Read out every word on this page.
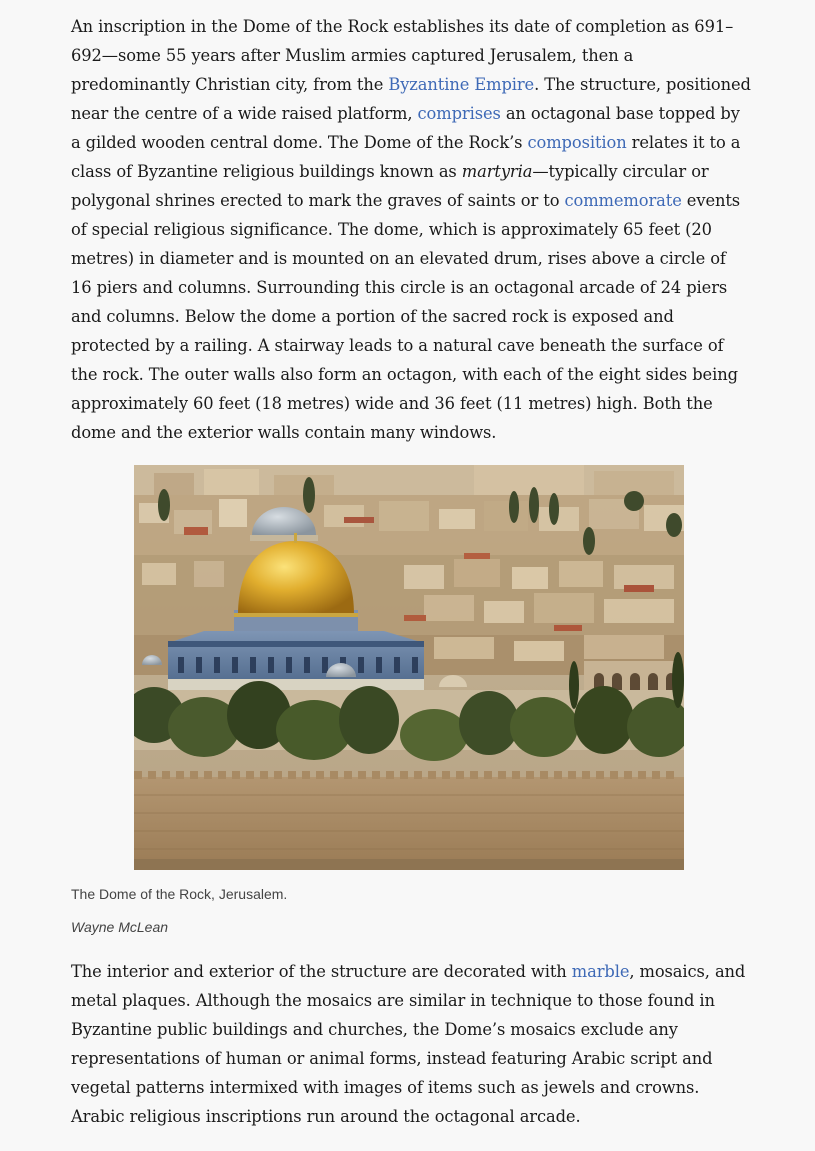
An inscription in the Dome of the Rock establishes its date of completion as 691–692—some 55 years after Muslim armies captured Jerusalem, then a predominantly Christian city, from the Byzantine Empire. The structure, positioned near the centre of a wide raised platform, comprises an octagonal base topped by a gilded wooden central dome. The Dome of the Rock’s composition relates it to a class of Byzantine religious buildings known as martyria—typically circular or polygonal shrines erected to mark the graves of saints or to commemorate events of special religious significance. The dome, which is approximately 65 feet (20 metres) in diameter and is mounted on an elevated drum, rises above a circle of 16 piers and columns. Surrounding this circle is an octagonal arcade of 24 piers and columns. Below the dome a portion of the sacred rock is exposed and protected by a railing. A stairway leads to a natural cave beneath the surface of the rock. The outer walls also form an octagon, with each of the eight sides being approximately 60 feet (18 metres) wide and 36 feet (11 metres) high. Both the dome and the exterior walls contain many windows.

The Dome of the Rock, Jerusalem.
Wayne McLean

The interior and exterior of the structure are decorated with marble, mosaics, and metal plaques. Although the mosaics are similar in technique to those found in Byzantine public buildings and churches, the Dome’s mosaics exclude any representations of human or animal forms, instead featuring Arabic script and vegetal patterns intermixed with images of items such as jewels and crowns. Arabic religious inscriptions run around the octagonal arcade.
